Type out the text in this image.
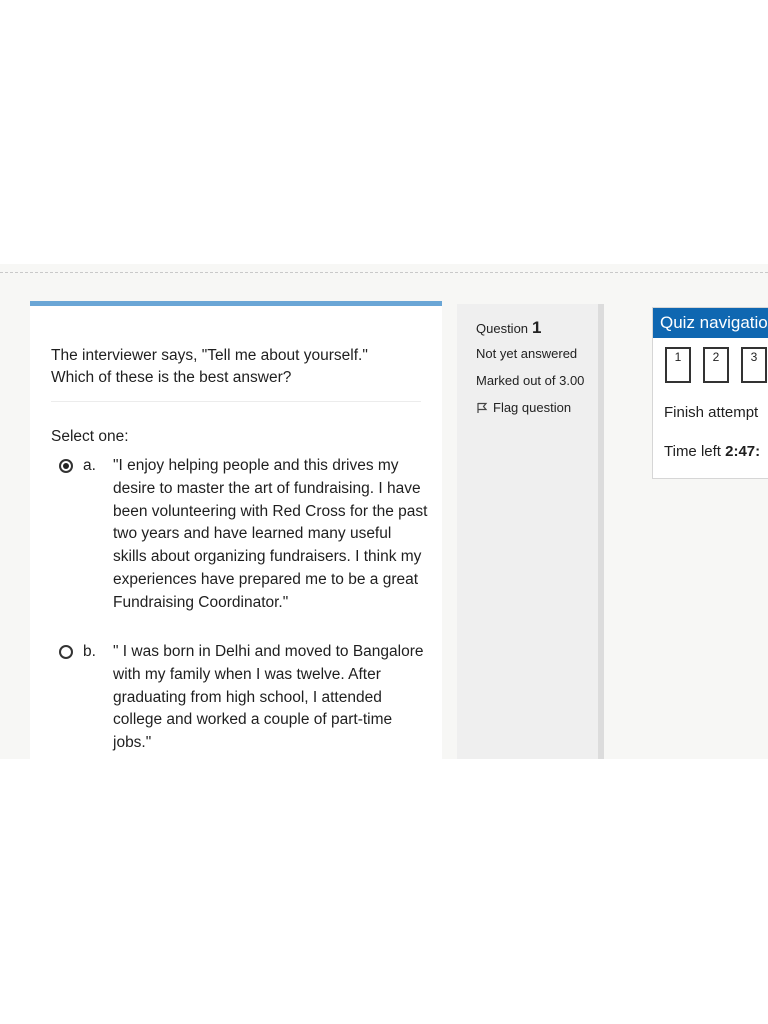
The interviewer says, "Tell me about yourself."
Which of these is the best answer?
Select one:
a. "I enjoy helping people and this drives my desire to master the art of fundraising. I have been volunteering with Red Cross for the past two years and have learned many useful skills about organizing fundraisers. I think my experiences have prepared me to be a great Fundraising Coordinator."
b. " I was born in Delhi and moved to Bangalore with my family when I was twelve. After graduating from high school, I attended college and worked a couple of part-time jobs."
Question 1
Not yet answered
Marked out of 3.00
Flag question
Quiz navigatio
1	2	3
Finish attempt
Time left 2:47:
